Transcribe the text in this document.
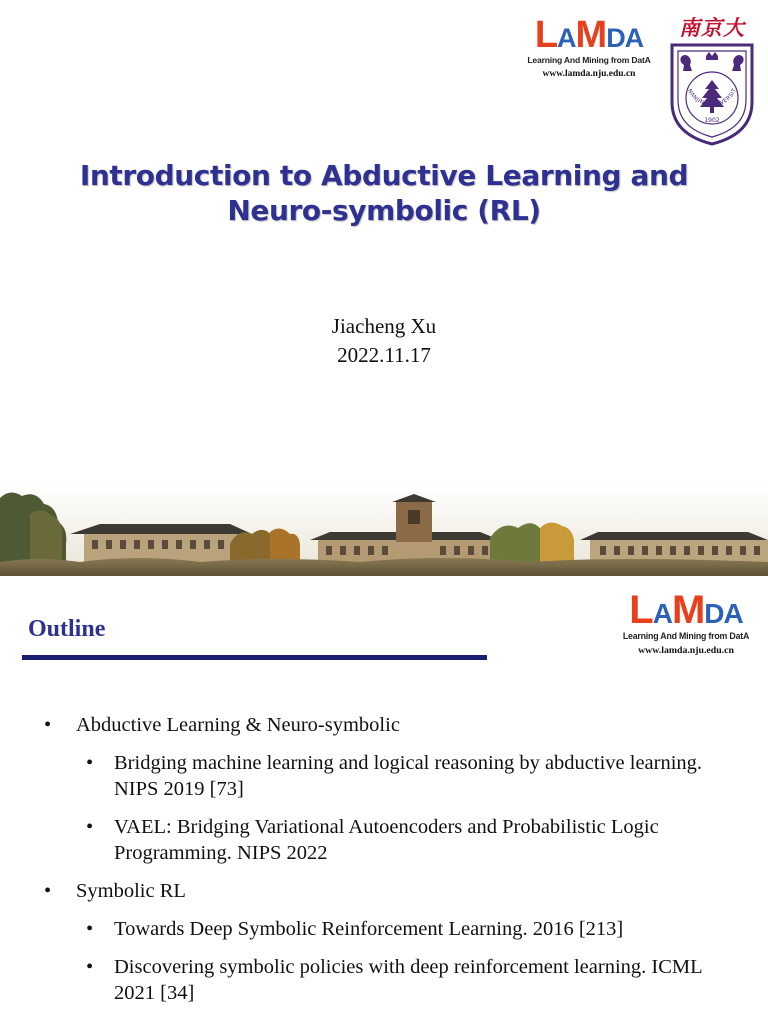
LAMDA
Learning And Mining from DatA
www.lamda.nju.edu.cn
南京大
1902
NANJING UNIVERSIT
Introduction to Abductive Learning and
Neuro-symbolic (RL)
Jiacheng Xu
2022.11.17
Outline	LAMDA
Learning And Mining from DatA
www.lamda.nju.edu.cn
• Abductive Learning & Neuro-symbolic
• Bridging machine learning and logical reasoning by abductive learning. NIPS 2019 [73]
• VAEL: Bridging Variational Autoencoders and Probabilistic Logic Programming. NIPS 2022
• Symbolic RL
• Towards Deep Symbolic Reinforcement Learning. 2016 [213]
• Discovering symbolic policies with deep reinforcement learning. ICML 2021 [34]
